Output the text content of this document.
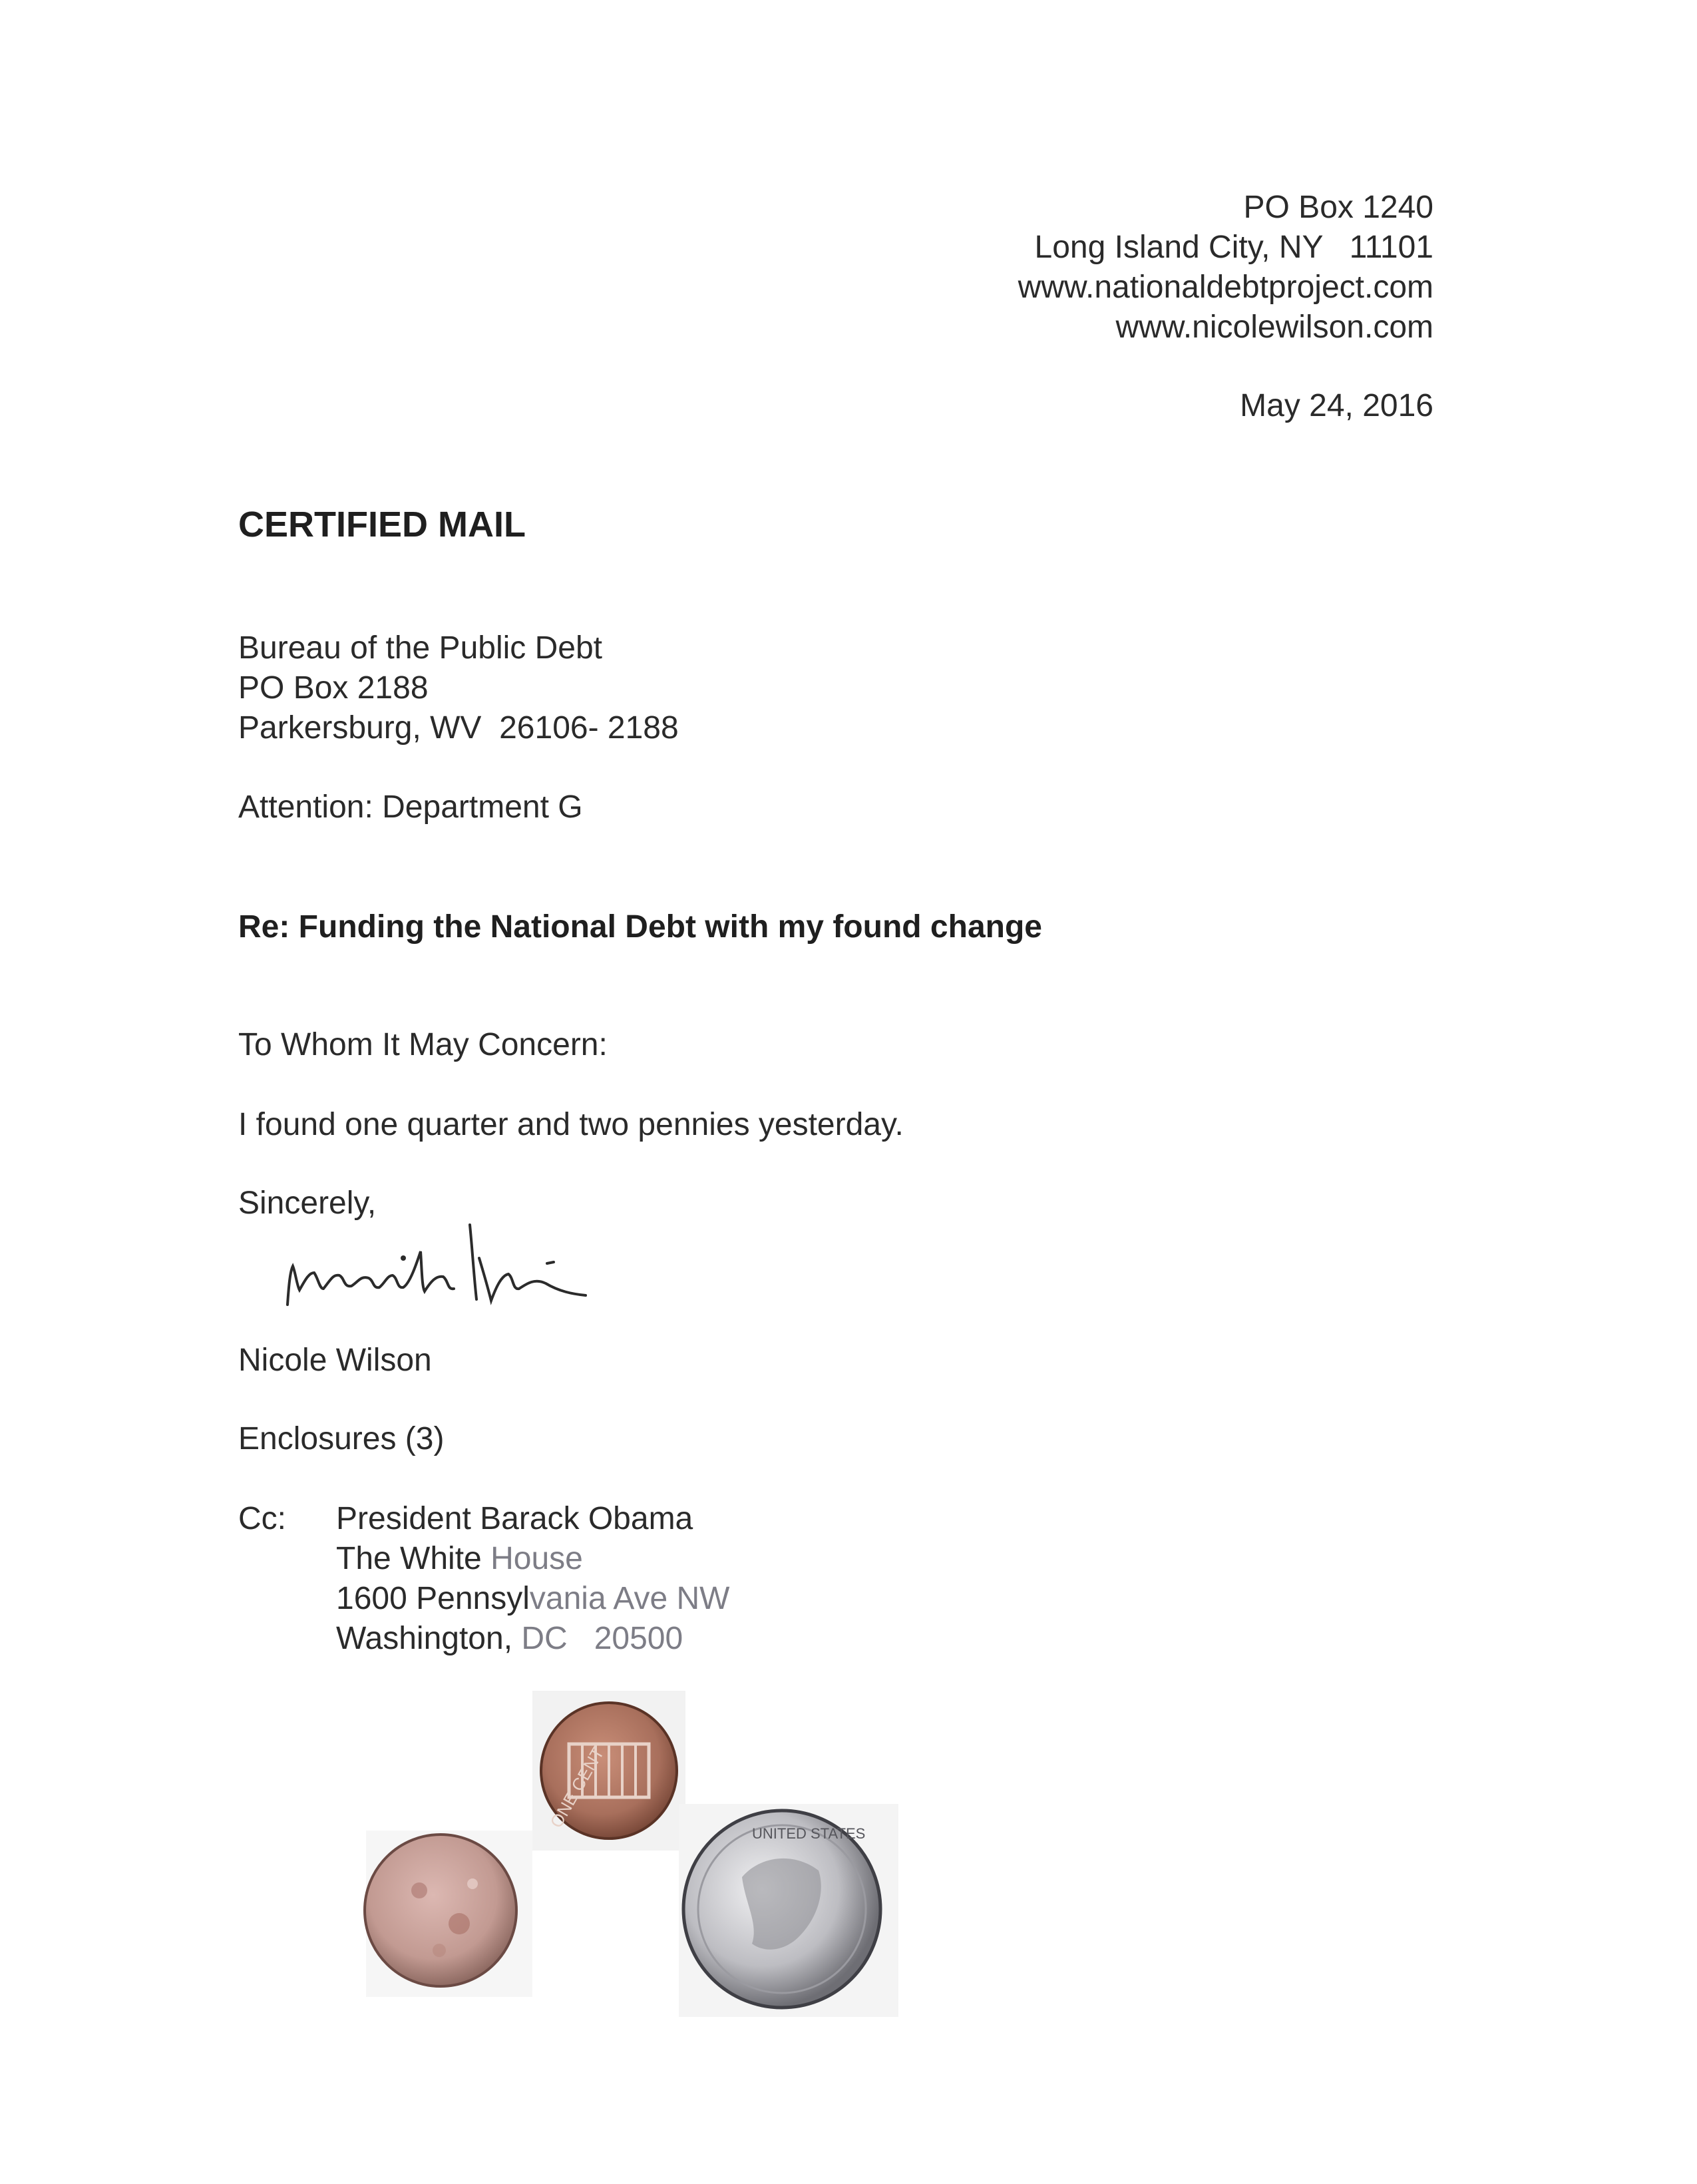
PO Box 1240
Long Island City, NY   11101
www.nationaldebtproject.com
www.nicolewilson.com
May 24, 2016
CERTIFIED MAIL
Bureau of the Public Debt
PO Box 2188
Parkersburg, WV  26106- 2188
Attention: Department G
Re: Funding the National Debt with my found change
To Whom It May Concern:
I found one quarter and two pennies yesterday.
Sincerely,
Nicole Wilson
Enclosures (3)
Cc: President Barack Obama
The White House
1600 Pennsylvania Ave NW
Washington, DC   20500
ONE CENT
UNITED STATES
